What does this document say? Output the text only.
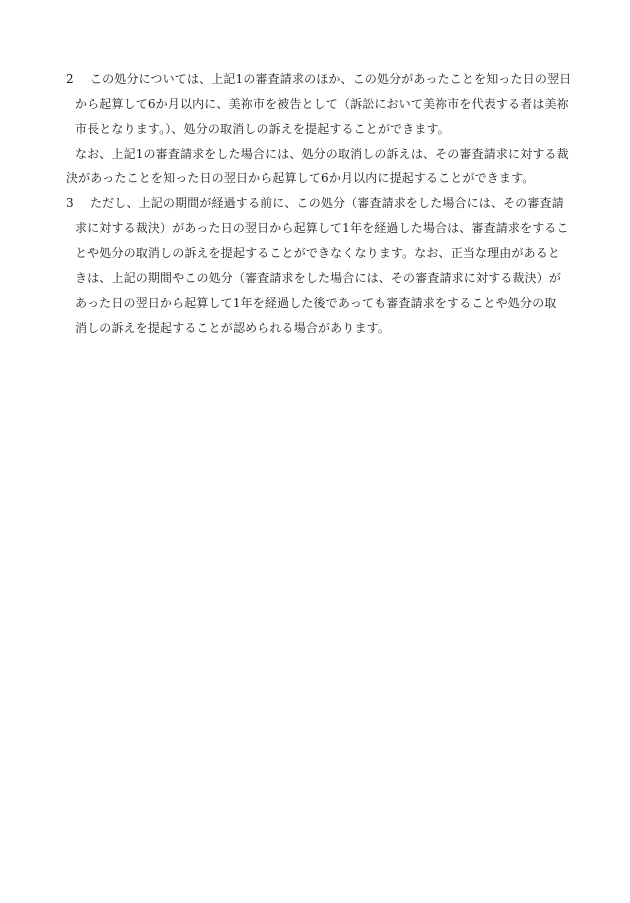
2 この処分については、上記1の審査請求のほか、この処分があったことを知った日の翌日
から起算して6か月以内に、美祢市を被告として（訴訟において美祢市を代表する者は美祢
市長となります。）、処分の取消しの訴えを提起することができます。
なお、上記1の審査請求をした場合には、処分の取消しの訴えは、その審査請求に対する裁
決があったことを知った日の翌日から起算して6か月以内に提起することができます。
3 ただし、上記の期間が経過する前に、この処分（審査請求をした場合には、その審査請
求に対する裁決）があった日の翌日から起算して1年を経過した場合は、審査請求をするこ
とや処分の取消しの訴えを提起することができなくなります。なお、正当な理由があると
きは、上記の期間やこの処分（審査請求をした場合には、その審査請求に対する裁決）が
あった日の翌日から起算して1年を経過した後であっても審査請求をすることや処分の取
消しの訴えを提起することが認められる場合があります。
